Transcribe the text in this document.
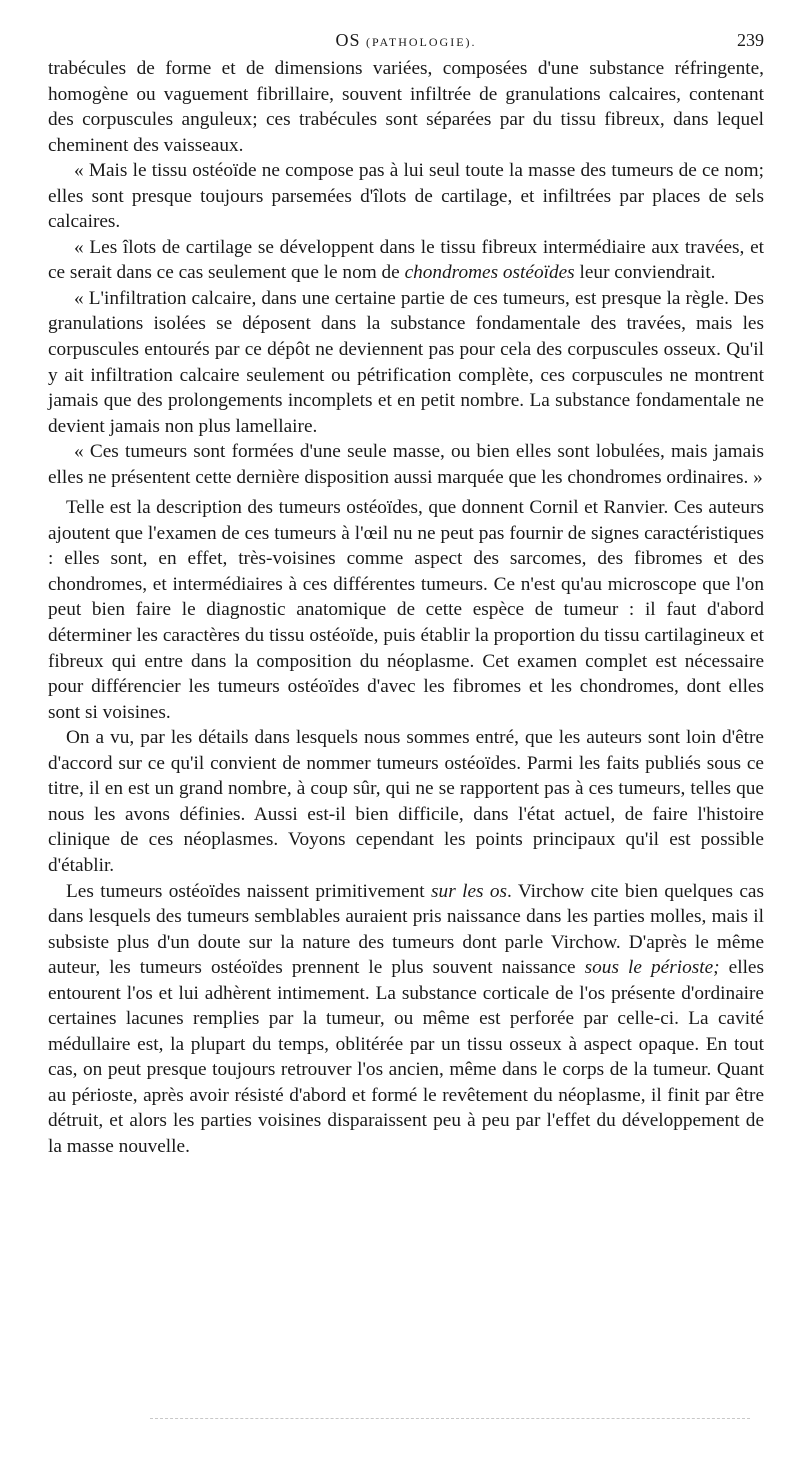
OS (PATHOLOGIE).	239

trabécules de forme et de dimensions variées, composées d'une substance réfringente, homogène ou vaguement fibrillaire, souvent infiltrée de granulations calcaires, contenant des corpuscules anguleux; ces trabécules sont séparées par du tissu fibreux, dans lequel cheminent des vaisseaux.

« Mais le tissu ostéoïde ne compose pas à lui seul toute la masse des tumeurs de ce nom; elles sont presque toujours parsemées d'îlots de cartilage, et infiltrées par places de sels calcaires.

« Les îlots de cartilage se développent dans le tissu fibreux intermédiaire aux travées, et ce serait dans ce cas seulement que le nom de chondromes ostéoïdes leur conviendrait.

« L'infiltration calcaire, dans une certaine partie de ces tumeurs, est presque la règle. Des granulations isolées se déposent dans la substance fondamentale des travées, mais les corpuscules entourés par ce dépôt ne deviennent pas pour cela des corpuscules osseux. Qu'il y ait infiltration calcaire seulement ou pétrification complète, ces corpuscules ne montrent jamais que des prolongements incomplets et en petit nombre. La substance fondamentale ne devient jamais non plus lamellaire.

« Ces tumeurs sont formées d'une seule masse, ou bien elles sont lobulées, mais jamais elles ne présentent cette dernière disposition aussi marquée que les chondromes ordinaires. »

Telle est la description des tumeurs ostéoïdes, que donnent Cornil et Ranvier. Ces auteurs ajoutent que l'examen de ces tumeurs à l'œil nu ne peut pas fournir de signes caractéristiques : elles sont, en effet, très-voisines comme aspect des sarcomes, des fibromes et des chondromes, et intermédiaires à ces différentes tumeurs. Ce n'est qu'au microscope que l'on peut bien faire le diagnostic anatomique de cette espèce de tumeur : il faut d'abord déterminer les caractères du tissu ostéoïde, puis établir la proportion du tissu cartilagineux et fibreux qui entre dans la composition du néoplasme. Cet examen complet est nécessaire pour différencier les tumeurs ostéoïdes d'avec les fibromes et les chondromes, dont elles sont si voisines.

On a vu, par les détails dans lesquels nous sommes entré, que les auteurs sont loin d'être d'accord sur ce qu'il convient de nommer tumeurs ostéoïdes. Parmi les faits publiés sous ce titre, il en est un grand nombre, à coup sûr, qui ne se rapportent pas à ces tumeurs, telles que nous les avons définies. Aussi est-il bien difficile, dans l'état actuel, de faire l'histoire clinique de ces néoplasmes. Voyons cependant les points principaux qu'il est possible d'établir.

Les tumeurs ostéoïdes naissent primitivement sur les os. Virchow cite bien quelques cas dans lesquels des tumeurs semblables auraient pris naissance dans les parties molles, mais il subsiste plus d'un doute sur la nature des tumeurs dont parle Virchow. D'après le même auteur, les tumeurs ostéoïdes prennent le plus souvent naissance sous le périoste; elles entourent l'os et lui adhèrent intimement. La substance corticale de l'os présente d'ordinaire certaines lacunes remplies par la tumeur, ou même est perforée par celle-ci. La cavité médullaire est, la plupart du temps, oblitérée par un tissu osseux à aspect opaque. En tout cas, on peut presque toujours retrouver l'os ancien, même dans le corps de la tumeur. Quant au périoste, après avoir résisté d'abord et formé le revêtement du néoplasme, il finit par être détruit, et alors les parties voisines disparaissent peu à peu par l'effet du développement de la masse nouvelle.
